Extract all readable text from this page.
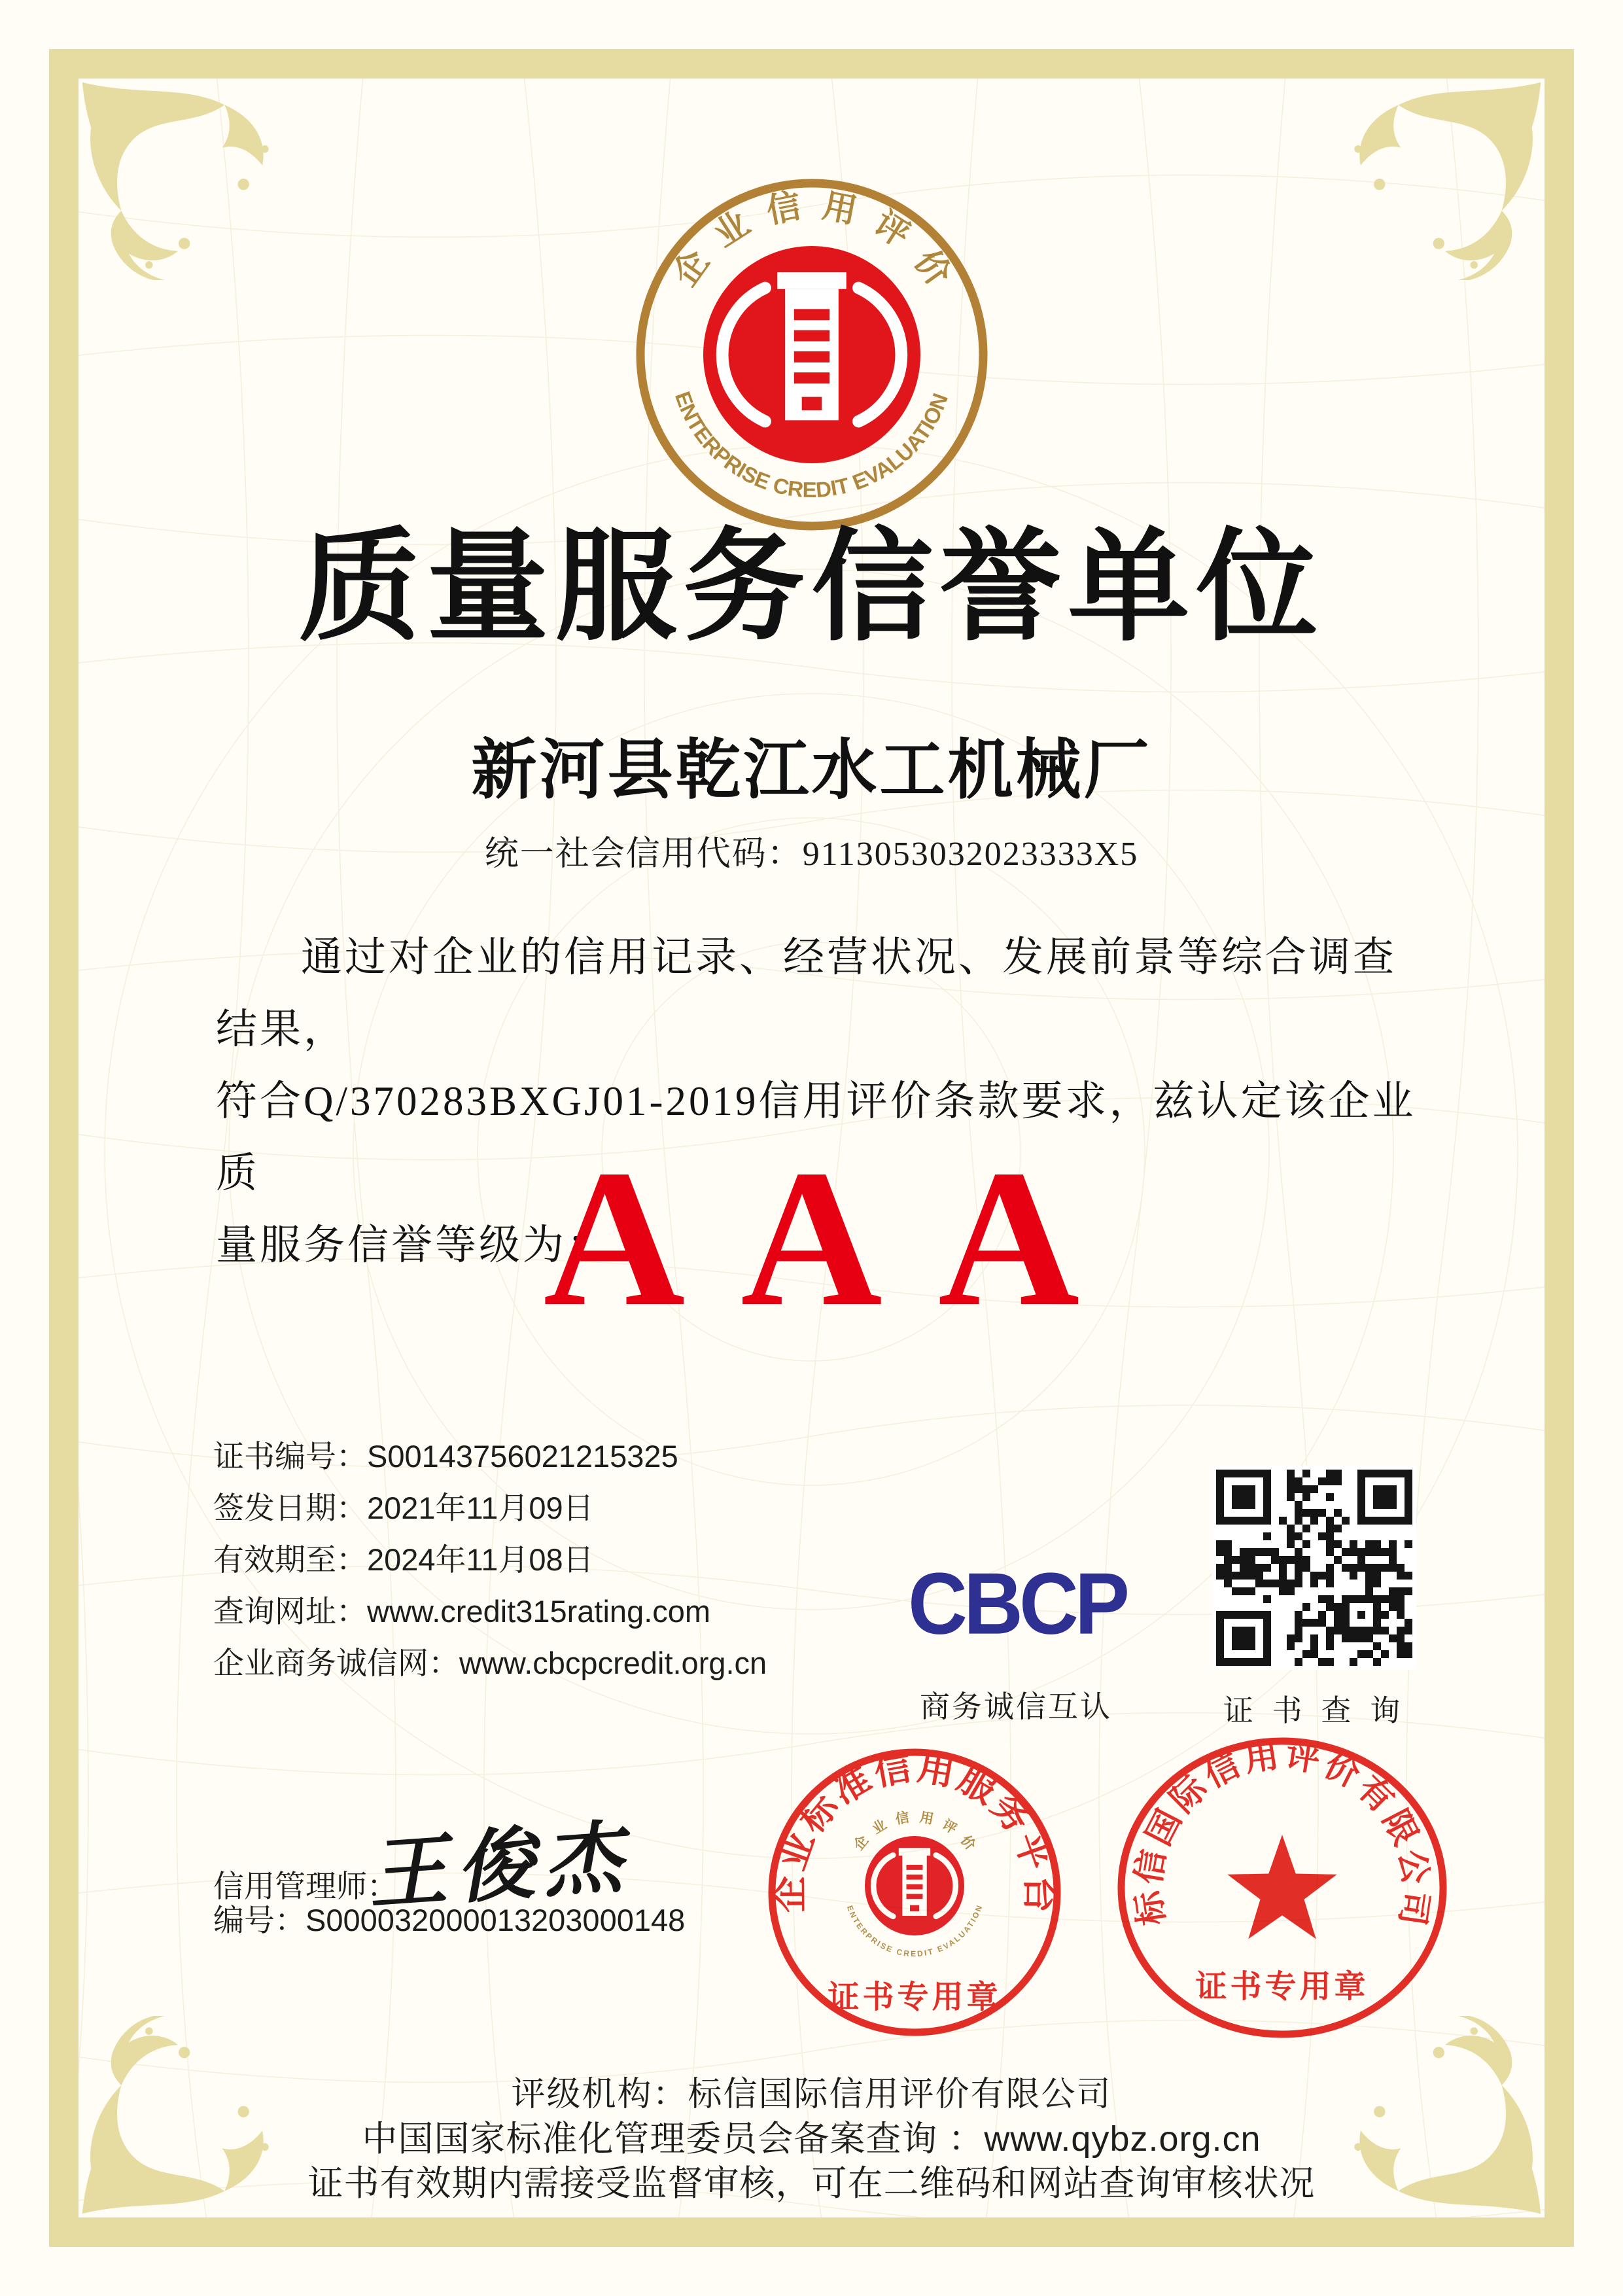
企 业 信 用 评 价
ENTERPRISE CREDIT EVALUATION
质量服务信誉单位
新河县乾江水工机械厂
统一社会信用代码：9113053032023333X5
通过对企业的信用记录、经营状况、发展前景等综合调查结果，
符合Q/370283BXGJ01-2019信用评价条款要求，兹认定该企业质
量服务信誉等级为：
AAA
证书编号：S00143756021215325
签发日期：2021年11月09日
有效期至：2024年11月08日
查询网址：www.credit315rating.com
企业商务诚信网：www.cbcpcredit.org.cn
CBCP
商务诚信互认	证 书 查 询
企业标准信用服务平台
企业信用评价
ENTERPRISE CREDIT EVALUATION
证书专用章
标信国际信用评价有限公司
证书专用章
信用管理师：
王俊杰
编号：S000032000013203000148
评级机构：标信国际信用评价有限公司
中国国家标准化管理委员会备案查询 ：www.qybz.org.cn
证书有效期内需接受监督审核，可在二维码和网站查询审核状况
